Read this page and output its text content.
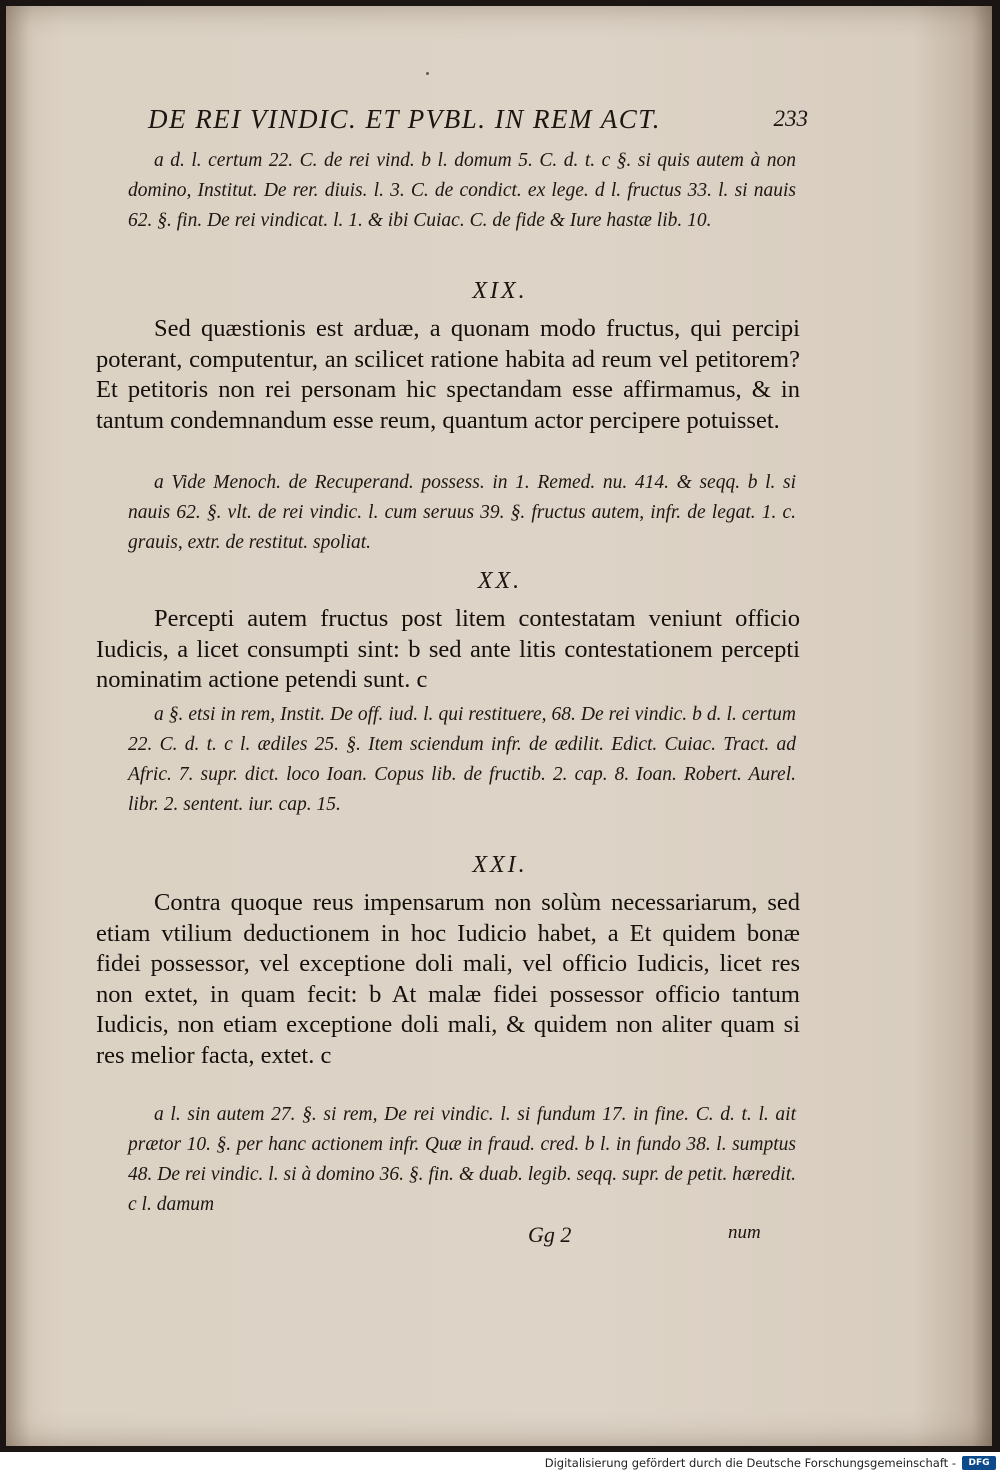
DE REI VINDIC. ET PVBL. IN REM ACT.	233

a d. l. certum 22. C. de rei vind. b l. domum 5. C. d. t. c §. si quis autem à non domino, Institut. De rer. diuis. l. 3. C. de condict. ex lege. d l. fructus 33. l. si nauis 62. §. fin. De rei vindicat. l. 1. & ibi Cuiac. C. de fide & Iure hastæ lib. 10.

XIX.

Sed quæstionis est arduæ, a quonam modo fructus, qui percipi poterant, computentur, an scilicet ratione habita ad reum vel petitorem? Et petitoris non rei personam hic spectandam esse affirmamus, & in tantum condemnandum esse reum, quantum actor percipere potuisset.

a Vide Menoch. de Recuperand. possess. in 1. Remed. nu. 414. & seqq. b l. si nauis 62. §. vlt. de rei vindic. l. cum seruus 39. §. fructus autem, infr. de legat. 1. c. grauis, extr. de restitut. spoliat.

XX.

Percepti autem fructus post litem contestatam veniunt officio Iudicis, a licet consumpti sint: b sed ante litis contestationem percepti nominatim actione petendi sunt. c

a §. etsi in rem, Instit. De off. iud. l. qui restituere, 68. De rei vindic. b d. l. certum 22. C. d. t. c l. ædiles 25. §. Item sciendum infr. de ædilit. Edict. Cuiac. Tract. ad Afric. 7. supr. dict. loco Ioan. Copus lib. de fructib. 2. cap. 8. Ioan. Robert. Aurel. libr. 2. sentent. iur. cap. 15.

XXI.

Contra quoque reus impensarum non solùm necessariarum, sed etiam vtilium deductionem in hoc Iudicio habet, a Et quidem bonæ fidei possessor, vel exceptione doli mali, vel officio Iudicis, licet res non extet, in quam fecit: b At malæ fidei possessor officio tantum Iudicis, non etiam exceptione doli mali, & quidem non aliter quam si res melior facta, extet. c

a l. sin autem 27. §. si rem, De rei vindic. l. si fundum 17. in fine. C. d. t. l. ait prætor 10. §. per hanc actionem infr. Quæ in fraud. cred. b l. in fundo 38. l. sumptus 48. De rei vindic. l. si à domino 36. §. fin. & duab. legib. seqq. supr. de petit. hæredit. c l. damum

Gg 2	num
Digitalisierung gefördert durch die Deutsche Forschungsgemeinschaft -	DFG
